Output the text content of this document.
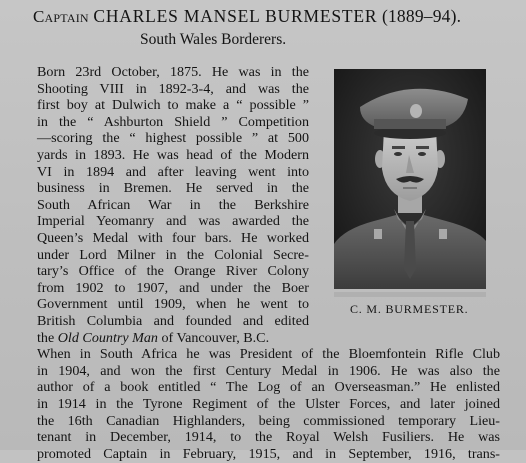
Captain CHARLES MANSEL BURMESTER (1889–94).
South Wales Borderers.
Born 23rd October, 1875. He was in the
Shooting VIII in 1892-3-4, and was the
first boy at Dulwich to make a “ possible ”
in the “ Ashburton Shield ” Competition
—scoring the “ highest possible ” at 500
yards in 1893. He was head of the Modern
VI in 1894 and after leaving went into
business in Bremen. He served in the
South African War in the Berkshire
Imperial Yeomanry and was awarded the
Queen’s Medal with four bars. He worked
under Lord Milner in the Colonial Secre-
tary’s Office of the Orange River Colony
from 1902 to 1907, and under the Boer
Government until 1909, when he went to
British Columbia and founded and edited
the Old Country Man of Vancouver, B.C.
When in South Africa he was President of the Bloemfontein Rifle Club
in 1904, and won the first Century Medal in 1906. He was also the
author of a book entitled “ The Log of an Overseasman.” He enlisted
in 1914 in the Tyrone Regiment of the Ulster Forces, and later joined
the 16th Canadian Highlanders, being commissioned temporary Lieu-
tenant in December, 1914, to the Royal Welsh Fusiliers. He was
promoted Captain in February, 1915, and in September, 1916, trans-
C. M. BURMESTER.
